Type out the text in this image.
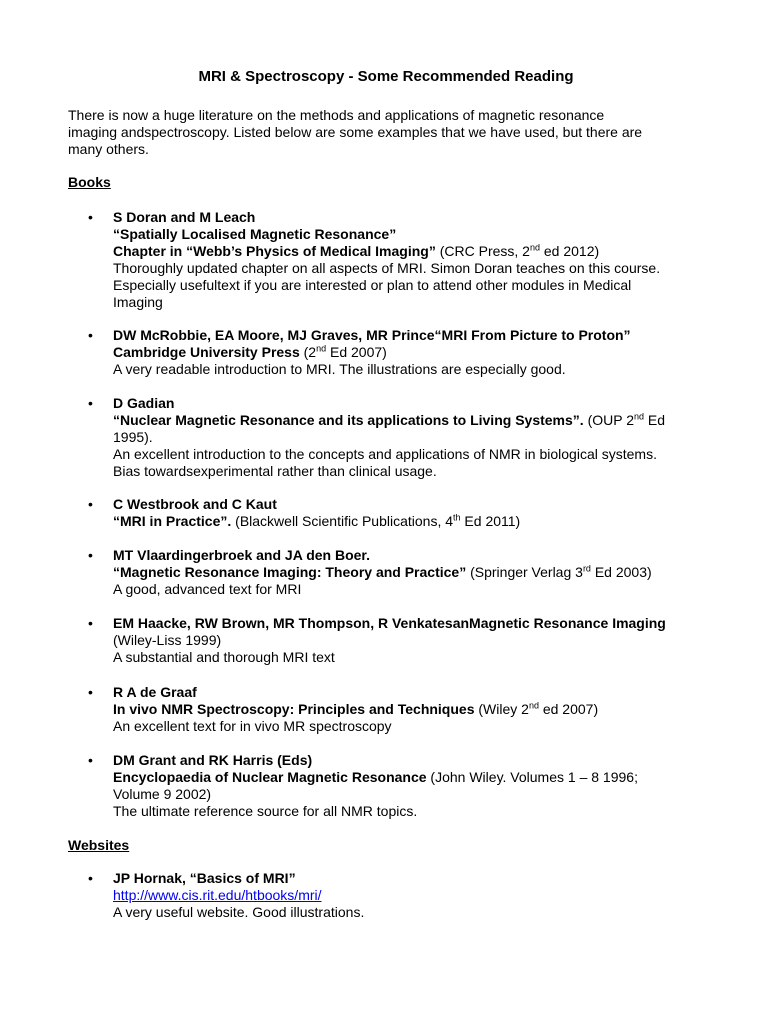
MRI & Spectroscopy - Some Recommended Reading
There is now a huge literature on the methods and applications of magnetic resonance
imaging andspectroscopy. Listed below are some examples that we have used, but there are
many others.
Books
• S Doran and M Leach
“Spatially Localised Magnetic Resonance”
Chapter in “Webb’s Physics of Medical Imaging” (CRC Press, 2nd ed 2012)
Thoroughly updated chapter on all aspects of MRI. Simon Doran teaches on this course.
Especially usefultext if you are interested or plan to attend other modules in Medical
Imaging
• DW McRobbie, EA Moore, MJ Graves, MR Prince“MRI From Picture to Proton”
Cambridge University Press (2nd Ed 2007)
A very readable introduction to MRI. The illustrations are especially good.
• D Gadian
“Nuclear Magnetic Resonance and its applications to Living Systems”. (OUP 2nd Ed
1995).
An excellent introduction to the concepts and applications of NMR in biological systems.
Bias towardsexperimental rather than clinical usage.
• C Westbrook and C Kaut
“MRI in Practice”. (Blackwell Scientific Publications, 4th Ed 2011)
• MT Vlaardingerbroek and JA den Boer.
“Magnetic Resonance Imaging: Theory and Practice” (Springer Verlag 3rd Ed 2003)
A good, advanced text for MRI
• EM Haacke, RW Brown, MR Thompson, R VenkatesanMagnetic Resonance Imaging
(Wiley-Liss 1999)
A substantial and thorough MRI text
• R A de Graaf
In vivo NMR Spectroscopy: Principles and Techniques (Wiley 2nd ed 2007)
An excellent text for in vivo MR spectroscopy
• DM Grant and RK Harris (Eds)
Encyclopaedia of Nuclear Magnetic Resonance (John Wiley. Volumes 1 – 8 1996;
Volume 9 2002)
The ultimate reference source for all NMR topics.
Websites
• JP Hornak, “Basics of MRI”
http://www.cis.rit.edu/htbooks/mri/
A very useful website. Good illustrations.
